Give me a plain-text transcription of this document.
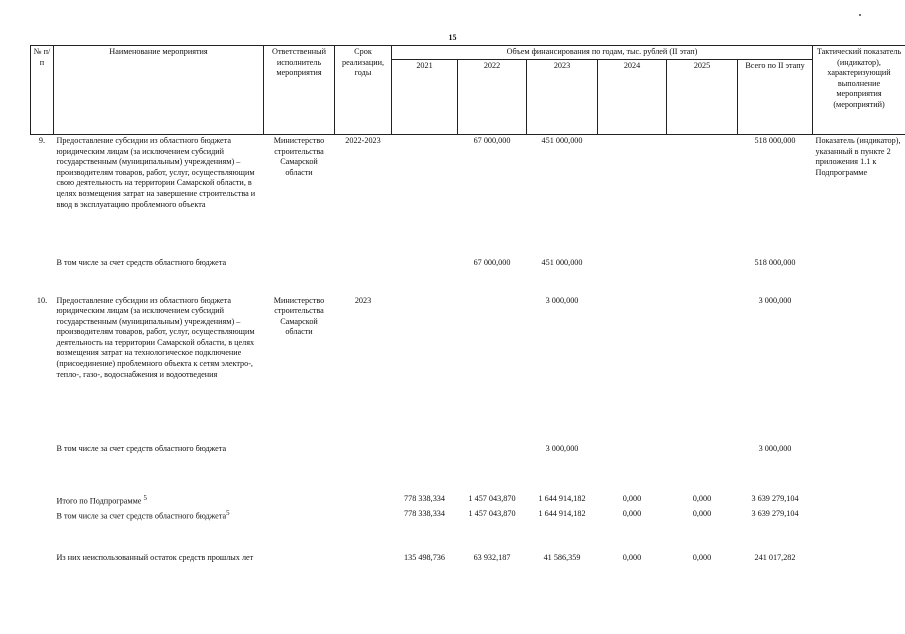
15
№ п/п	Наименование мероприятия	Ответственный исполнитель мероприятия	Срок реализации, годы	Объем финансирования по годам, тыс. рублей (II этап)						Тактический показатель (индикатор), характеризующий выполнение мероприятия (мероприятий)
				2021	2022	2023	2024	2025	Всего по II этапу	
9.	Предоставление субсидии из областного бюджета юридическим лицам (за исключением субсидий государственным (муниципальным) учреждениям) – производителям товаров, работ, услуг, осуществляющим свою деятельность на территории Самарской области, в целях возмещения затрат на завершение строительства и ввод в эксплуатацию проблемного объекта	Министерство строительства Самарской области	2022-2023		67 000,000	451 000,000			518 000,000	Показатель (индикатор), указанный в пункте 2 приложения 1.1 к Подпрограмме
	В том числе за счет средств областного бюджета				67 000,000	451 000,000			518 000,000	
10.	Предоставление субсидии из областного бюджета юридическим лицам (за исключением субсидий государственным (муниципальным) учреждениям) – производителям товаров, работ, услуг, осуществляющим деятельность на территории Самарской области, в целях возмещения затрат на технологическое подключение (присоединение) проблемного объекта к сетям электро-, тепло-, газо-, водоснабжения и водоотведения	Министерство строительства Самарской области	2023			3 000,000			3 000,000	
	В том числе за счет средств областного бюджета					3 000,000			3 000,000	
	Итого по Подпрограмме $^5$			778 338,334	1 457 043,870	1 644 914,182	0,000	0,000	3 639 279,104	
	В том числе за счет средств областного бюджета$^5$			778 338,334	1 457 043,870	1 644 914,182	0,000	0,000	3 639 279,104	
	Из них неиспользованный остаток средств прошлых лет			135 498,736	63 932,187	41 586,359	0,000	0,000	241 017,282	
